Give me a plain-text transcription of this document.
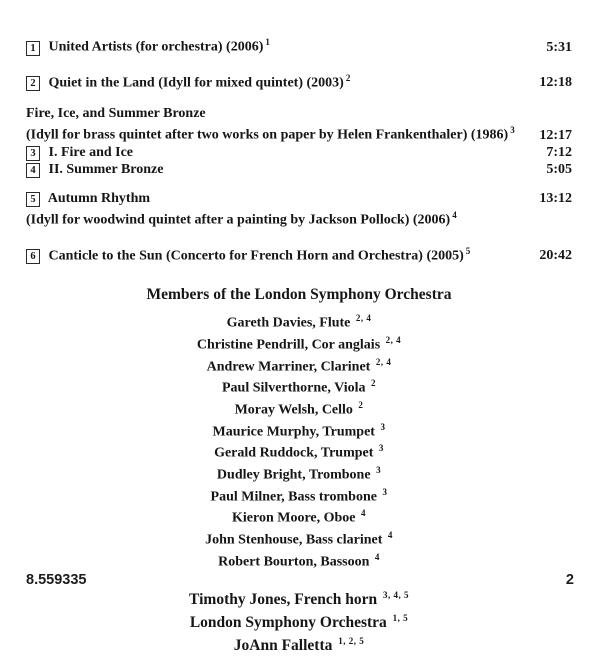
1 United Artists (for orchestra) (2006) $^1$	5:31
2 Quiet in the Land (Idyll for mixed quintet) (2003) $^2$	12:18
Fire, Ice, and Summer Bronze
(Idyll for brass quintet after two works on paper by Helen Frankenthaler) (1986) $^3$ 12:17
3 I. Fire and Ice	7:12
4 II. Summer Bronze	5:05
5 Autumn Rhythm	13:12
(Idyll for woodwind quintet after a painting by Jackson Pollock) (2006) $^4$
6 Canticle to the Sun (Concerto for French Horn and Orchestra) (2005) $^5$	20:42
Members of the London Symphony Orchestra
Gareth Davies, Flute $^{2, 4}$
Christine Pendrill, Cor anglais $^{2, 4}$
Andrew Marriner, Clarinet $^{2, 4}$
Paul Silverthorne, Viola $^2$
Moray Welsh, Cello $^2$
Maurice Murphy, Trumpet $^3$
Gerald Ruddock, Trumpet $^3$
Dudley Bright, Trombone $^3$
Paul Milner, Bass trombone $^3$
Kieron Moore, Oboe $^4$
John Stenhouse, Bass clarinet $^4$
Robert Bourton, Bassoon $^4$
Timothy Jones, French horn $^{3, 4, 5}$
London Symphony Orchestra $^{1, 5}$
JoAnn Falletta $^{1, 2, 5}$
8.559335	2
